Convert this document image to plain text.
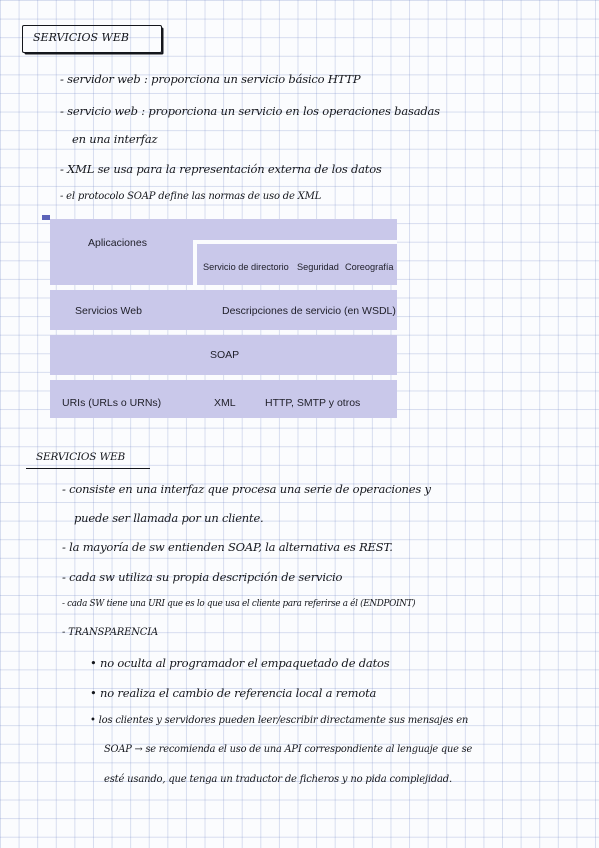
SERVICIOS WEB
- servidor web : proporciona un servicio básico HTTP
- servicio web : proporciona un servicio en los operaciones basadas
en una interfaz
- XML se usa para la representación externa de los datos
- el protocolo SOAP define las normas de uso de XML
Aplicaciones
Servicio de directorio Seguridad Coreografía
Servicios Web	Descripciones de servicio (en WSDL)
SOAP
URIs (URLs o URNs)	XML	HTTP, SMTP y otros
SERVICIOS WEB
- consiste en una interfaz que procesa una serie de operaciones y
puede ser llamada por un cliente.
- la mayoría de sw entienden SOAP, la alternativa es REST.
- cada sw utiliza su propia descripción de servicio
- cada SW tiene una URI que es lo que usa el cliente para referirse a él (ENDPOINT)
- TRANSPARENCIA
• no oculta al programador el empaquetado de datos
• no realiza el cambio de referencia local a remota
• los clientes y servidores pueden leer/escribir directamente sus mensajes en
SOAP → se recomienda el uso de una API correspondiente al lenguaje que se
esté usando, que tenga un traductor de ficheros y no pida complejidad.
